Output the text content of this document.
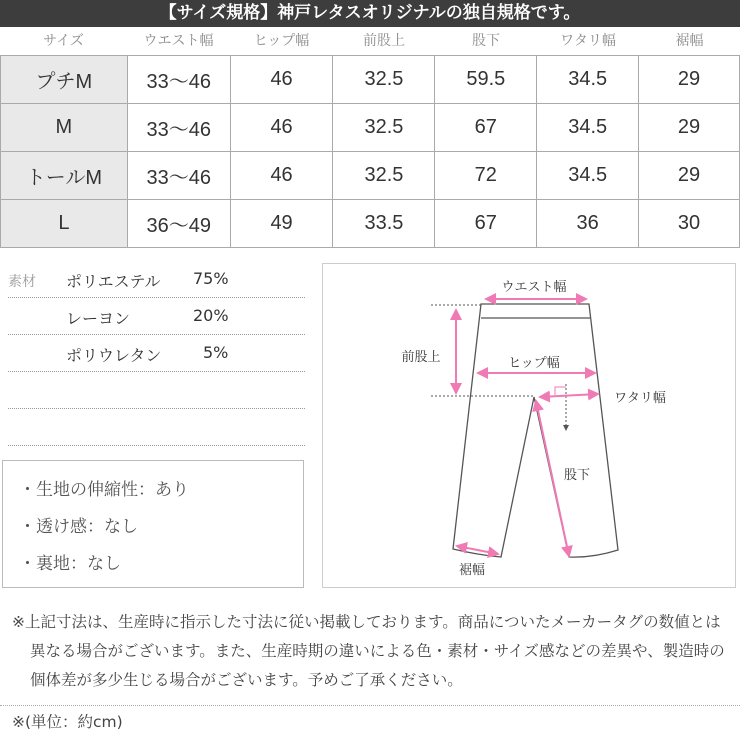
【サイズ規格】神戸レタスオリジナルの独自規格です。
サイズ	ウエスト幅	ヒップ幅	前股上	股下	ワタリ幅	裾幅
プチM	33〜46	46	32.5	59.5	34.5	29
M	33〜46	46	32.5	67	34.5	29
トールM	33〜46	46	32.5	72	34.5	29
L	36〜49	49	33.5	67	36	30
素材 ポリエステル 75%
レーヨン	20%
ポリウレタン	5%
・生地の伸縮性：あり
・透け感：なし
・裏地：なし
ウエスト幅
前股上	ヒップ幅
ワタリ幅
股下
裾幅
※上記寸法は、生産時に指示した寸法に従い掲載しております。商品についたメーカータグの数値とは異なる場合がございます。また、生産時期の違いによる色・素材・サイズ感などの差異や、製造時の個体差が多少生じる場合がございます。予めご了承ください。
※(単位：約cm)
